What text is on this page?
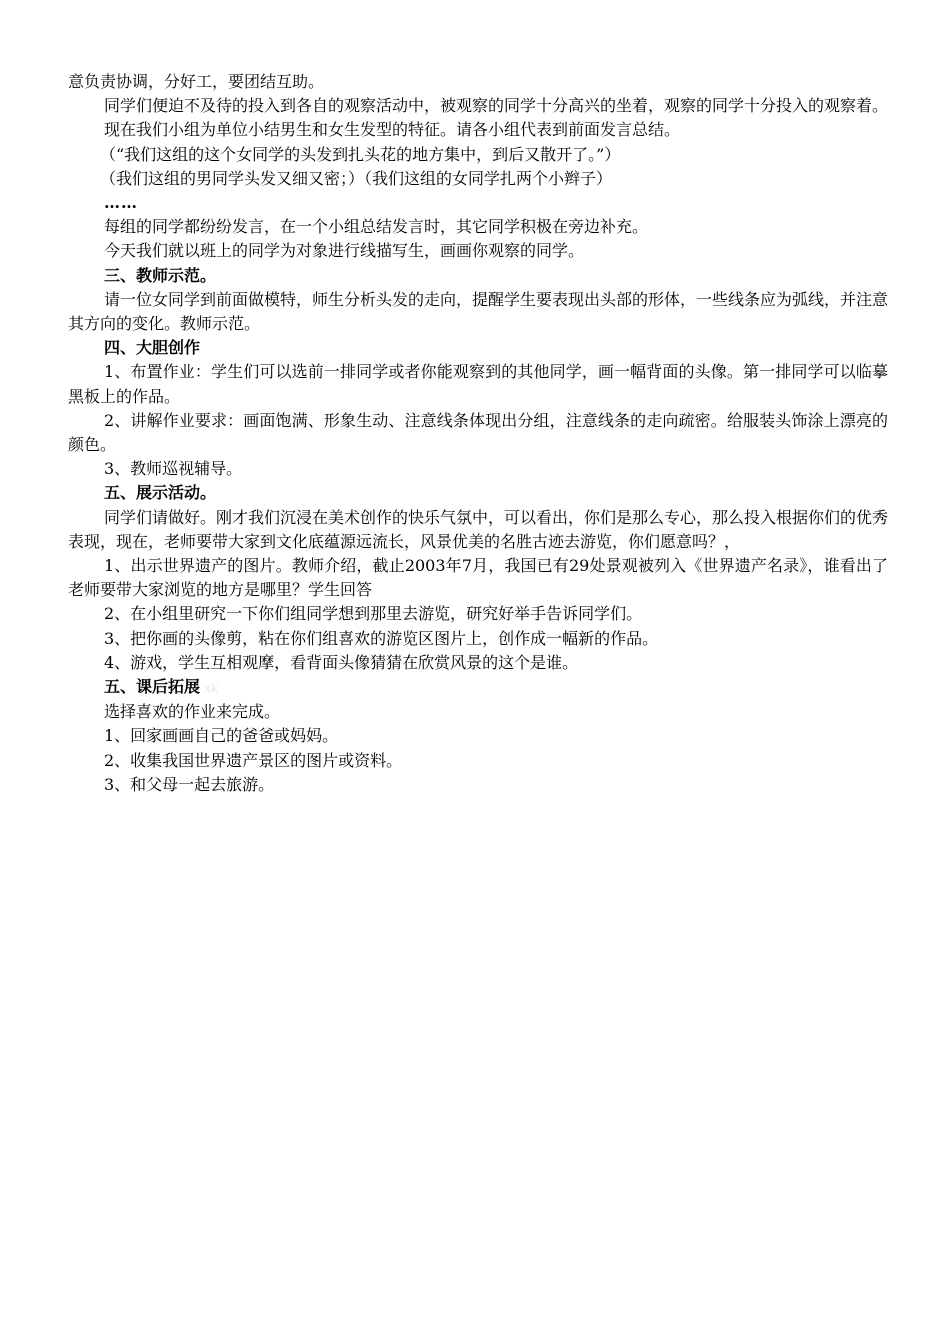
意负责协调，分好工，要团结互助。

同学们便迫不及待的投入到各自的观察活动中，被观察的同学十分高兴的坐着，观察的同学十分投入的观察着。

现在我们小组为单位小结男生和女生发型的特征。请各小组代表到前面发言总结。

（“我们这组的这个女同学的头发到扎头花的地方集中，到后又散开了。”）

（我们这组的男同学头发又细又密；）（我们这组的女同学扎两个小辫子）

……

每组的同学都纷纷发言，在一个小组总结发言时，其它同学积极在旁边补充。

今天我们就以班上的同学为对象进行线描写生，画画你观察的同学。

三、教师示范。

请一位女同学到前面做模特，师生分析头发的走向，提醒学生要表现出头部的形体，一些线条应为弧线，并注意其方向的变化。教师示范。

四、大胆创作

1、布置作业：学生们可以选前一排同学或者你能观察到的其他同学，画一幅背面的头像。第一排同学可以临摹黑板上的作品。

2、讲解作业要求：画面饱满、形象生动、注意线条体现出分组，注意线条的走向疏密。给服装头饰涂上漂亮的颜色。

3、教师巡视辅导。

五、展示活动。

同学们请做好。刚才我们沉浸在美术创作的快乐气氛中，可以看出，你们是那么专心，那么投入根据你们的优秀表现，现在，老师要带大家到文化底蕴源远流长，风景优美的名胜古迹去游览，你们愿意吗？，

1、出示世界遗产的图片。教师介绍，截止2003年7月，我国已有29处景观被列入《世界遗产名录》，谁看出了老师要带大家浏览的地方是哪里？学生回答

2、在小组里研究一下你们组同学想到那里去游览，研究好举手告诉同学们。

3、把你画的头像剪，粘在你们组喜欢的游览区图片上，创作成一幅新的作品。

4、游戏，学生互相观摩，看背面头像猜猜在欣赏风景的这个是谁。

五、课后拓展 xk

选择喜欢的作业来完成。

1、回家画画自己的爸爸或妈妈。

2、收集我国世界遗产景区的图片或资料。

3、和父母一起去旅游。
